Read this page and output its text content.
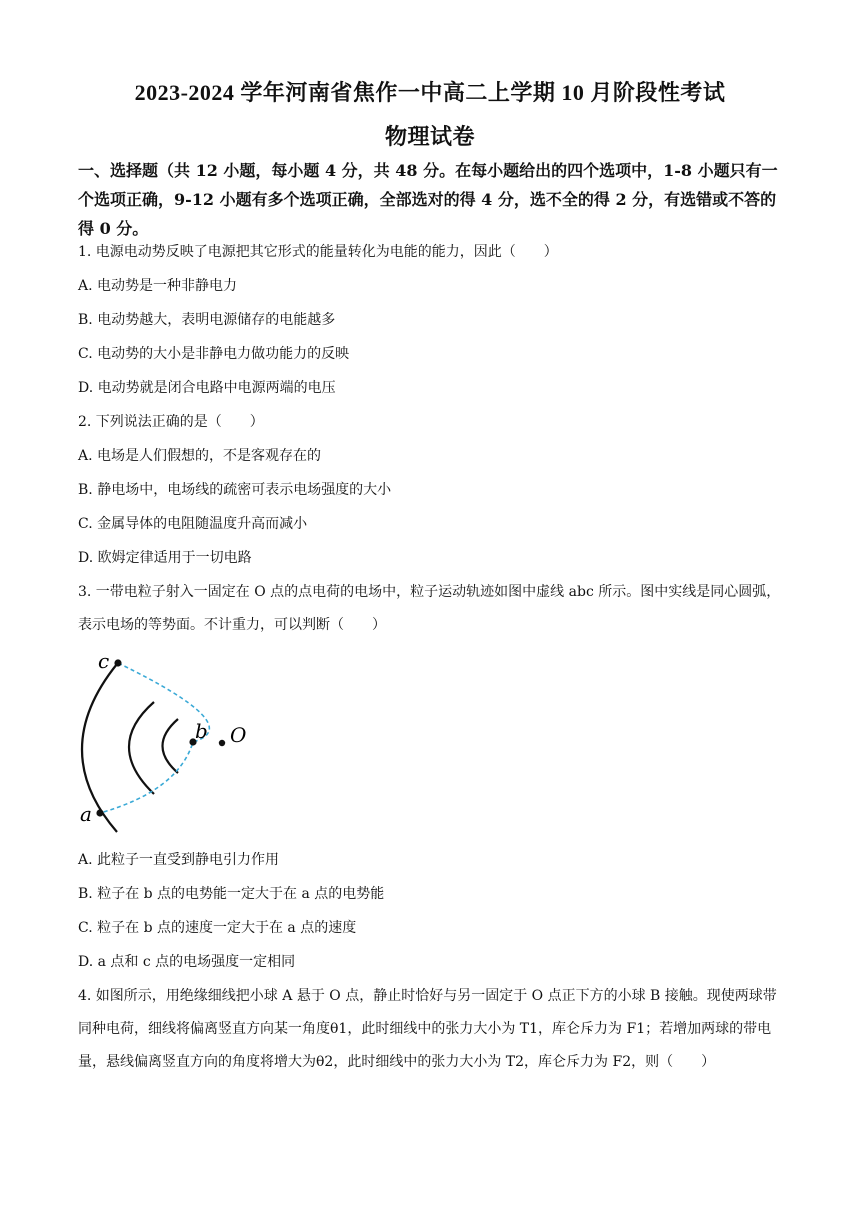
2023-2024 学年河南省焦作一中高二上学期 10 月阶段性考试
物理试卷
一、选择题（共 12 小题，每小题 4 分，共 48 分。在每小题给出的四个选项中，1-8 小题只有一个选项正确，9-12 小题有多个选项正确，全部选对的得 4 分，选不全的得 2 分，有选错或不答的得 0 分。
1. 电源电动势反映了电源把其它形式的能量转化为电能的能力，因此（　　）
A. 电动势是一种非静电力
B. 电动势越大，表明电源储存的电能越多
C. 电动势的大小是非静电力做功能力的反映
D. 电动势就是闭合电路中电源两端的电压
2. 下列说法正确的是（　　）
A. 电场是人们假想的，不是客观存在的
B. 静电场中，电场线的疏密可表示电场强度的大小
C. 金属导体的电阻随温度升高而减小
D. 欧姆定律适用于一切电路
3. 一带电粒子射入一固定在 O 点的点电荷的电场中，粒子运动轨迹如图中虚线 abc 所示。图中实线是同心圆弧，表示电场的等势面。不计重力，可以判断（　　）
c
b O
a
A. 此粒子一直受到静电引力作用
B. 粒子在 b 点的电势能一定大于在 a 点的电势能
C. 粒子在 b 点的速度一定大于在 a 点的速度
D. a 点和 c 点的电场强度一定相同
4. 如图所示，用绝缘细线把小球 A 悬于 O 点，静止时恰好与另一固定于 O 点正下方的小球 B 接触。现使两球带同种电荷，细线将偏离竖直方向某一角度θ1，此时细线中的张力大小为 T1，库仑斥力为 F1；若增加两球的带电量，悬线偏离竖直方向的角度将增大为θ2，此时细线中的张力大小为 T2，库仑斥力为 F2，则（　　）
